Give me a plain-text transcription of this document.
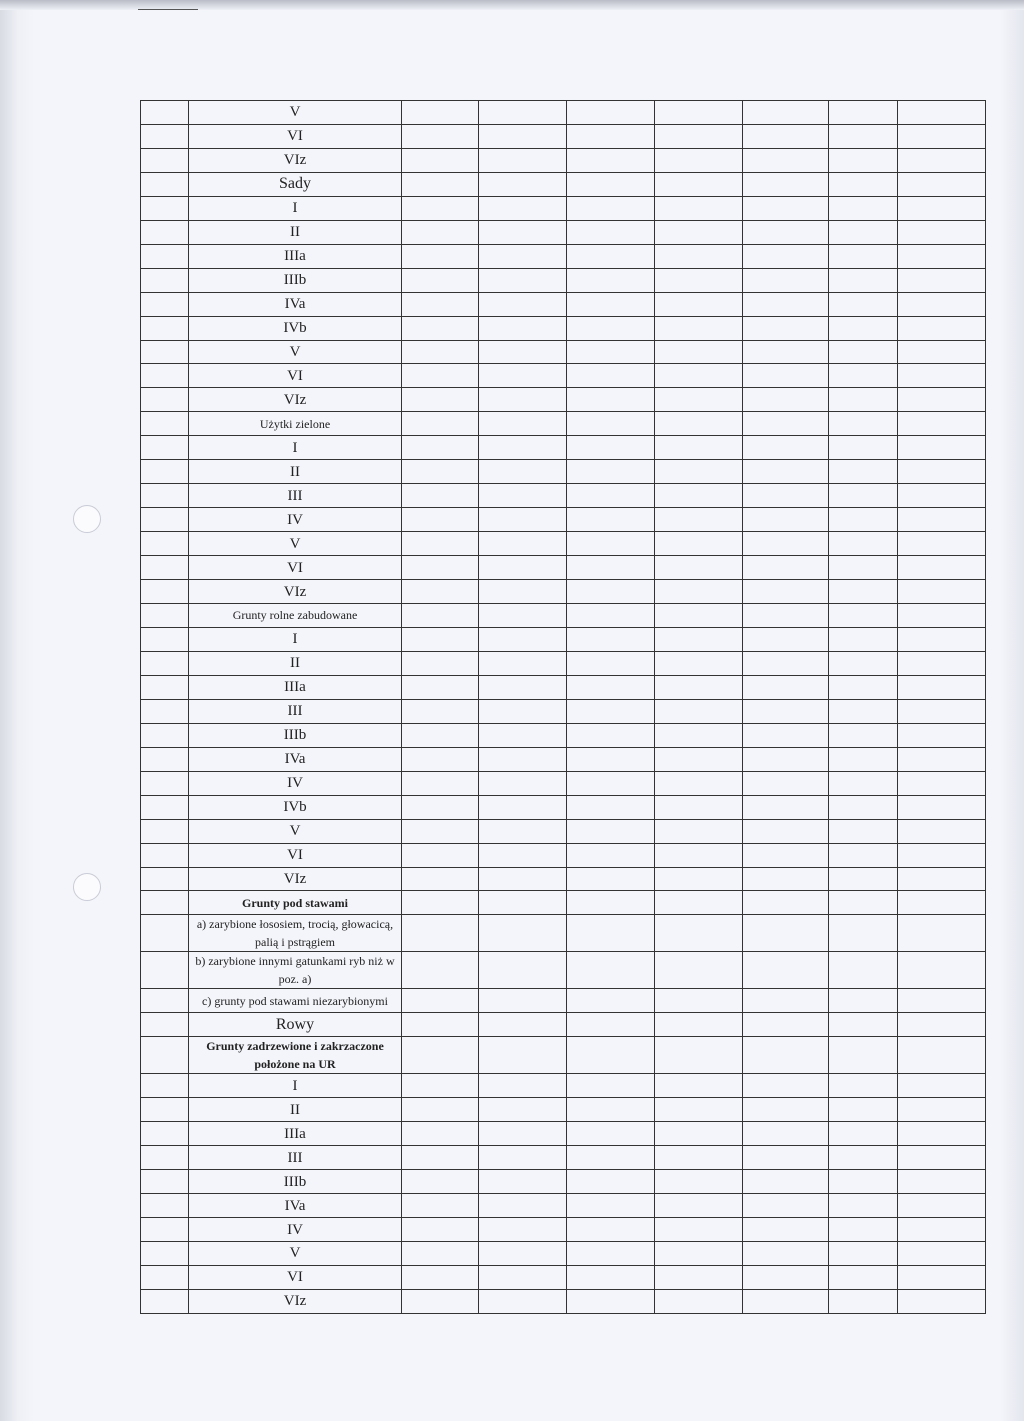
	V							
	VI							
	VIz							
	Sady							
	I							
	II							
	IIIa							
	IIIb							
	IVa							
	IVb							
	V							
	VI							
	VIz							
	Użytki zielone							
	I							
	II							
	III							
	IV							
	V							
	VI							
	VIz							
	Grunty rolne zabudowane							
	I							
	II							
	IIIa							
	III							
	IIIb							
	IVa							
	IV							
	IVb							
	V							
	VI							
	VIz							
	Grunty pod stawami							
	a) zarybione łososiem, trocią, głowacicą, palią i pstrągiem							
	b) zarybione innymi gatunkami ryb niż w poz. a)							
	c) grunty pod stawami niezarybionymi							
	Rowy							
	Grunty zadrzewione i zakrzaczone położone na UR							
	I							
	II							
	IIIa							
	III							
	IIIb							
	IVa							
	IV							
	V							
	VI							
	VIz							
